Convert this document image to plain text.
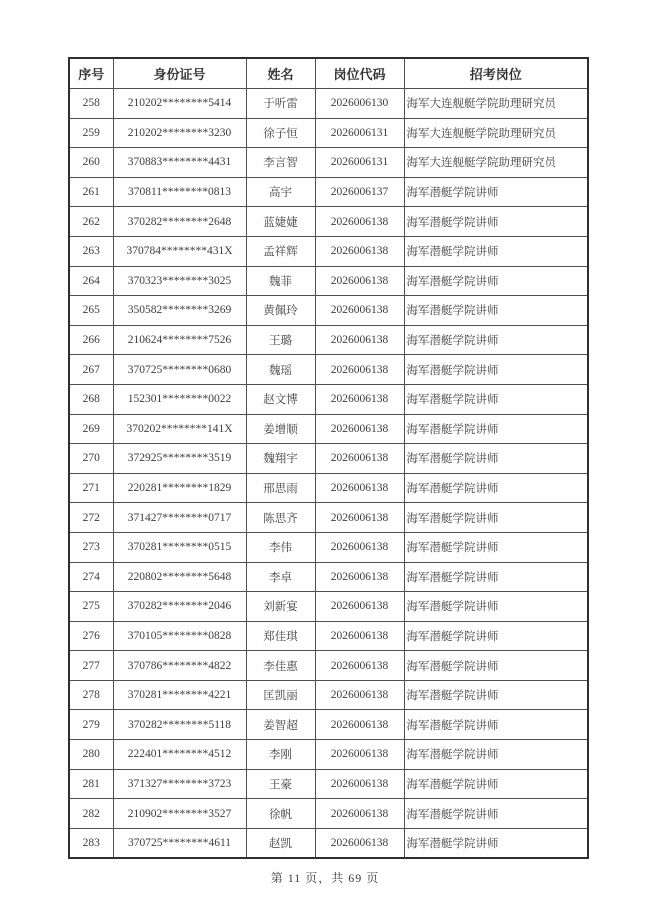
序号	身份证号	姓名	岗位代码	招考岗位
258	210202********5414	于听雷	2026006130	海军大连舰艇学院助理研究员
259	210202********3230	徐子恒	2026006131	海军大连舰艇学院助理研究员
260	370883********4431	李言智	2026006131	海军大连舰艇学院助理研究员
261	370811********0813	高宇	2026006137	海军潜艇学院讲师
262	370282********2648	蓝婕婕	2026006138	海军潜艇学院讲师
263	370784********431X	孟祥辉	2026006138	海军潜艇学院讲师
264	370323********3025	魏菲	2026006138	海军潜艇学院讲师
265	350582********3269	黄佩玲	2026006138	海军潜艇学院讲师
266	210624********7526	王璐	2026006138	海军潜艇学院讲师
267	370725********0680	魏瑶	2026006138	海军潜艇学院讲师
268	152301********0022	赵文博	2026006138	海军潜艇学院讲师
269	370202********141X	姜增顺	2026006138	海军潜艇学院讲师
270	372925********3519	魏翔宇	2026006138	海军潜艇学院讲师
271	220281********1829	邢思雨	2026006138	海军潜艇学院讲师
272	371427********0717	陈思齐	2026006138	海军潜艇学院讲师
273	370281********0515	李伟	2026006138	海军潜艇学院讲师
274	220802********5648	李卓	2026006138	海军潜艇学院讲师
275	370282********2046	刘新宴	2026006138	海军潜艇学院讲师
276	370105********0828	郑佳琪	2026006138	海军潜艇学院讲师
277	370786********4822	李佳惠	2026006138	海军潜艇学院讲师
278	370281********4221	匡凯丽	2026006138	海军潜艇学院讲师
279	370282********5118	姜智超	2026006138	海军潜艇学院讲师
280	222401********4512	李刚	2026006138	海军潜艇学院讲师
281	371327********3723	王豪	2026006138	海军潜艇学院讲师
282	210902********3527	徐帆	2026006138	海军潜艇学院讲师
283	370725********4611	赵凯	2026006138	海军潜艇学院讲师
第 11 页，共 69 页
